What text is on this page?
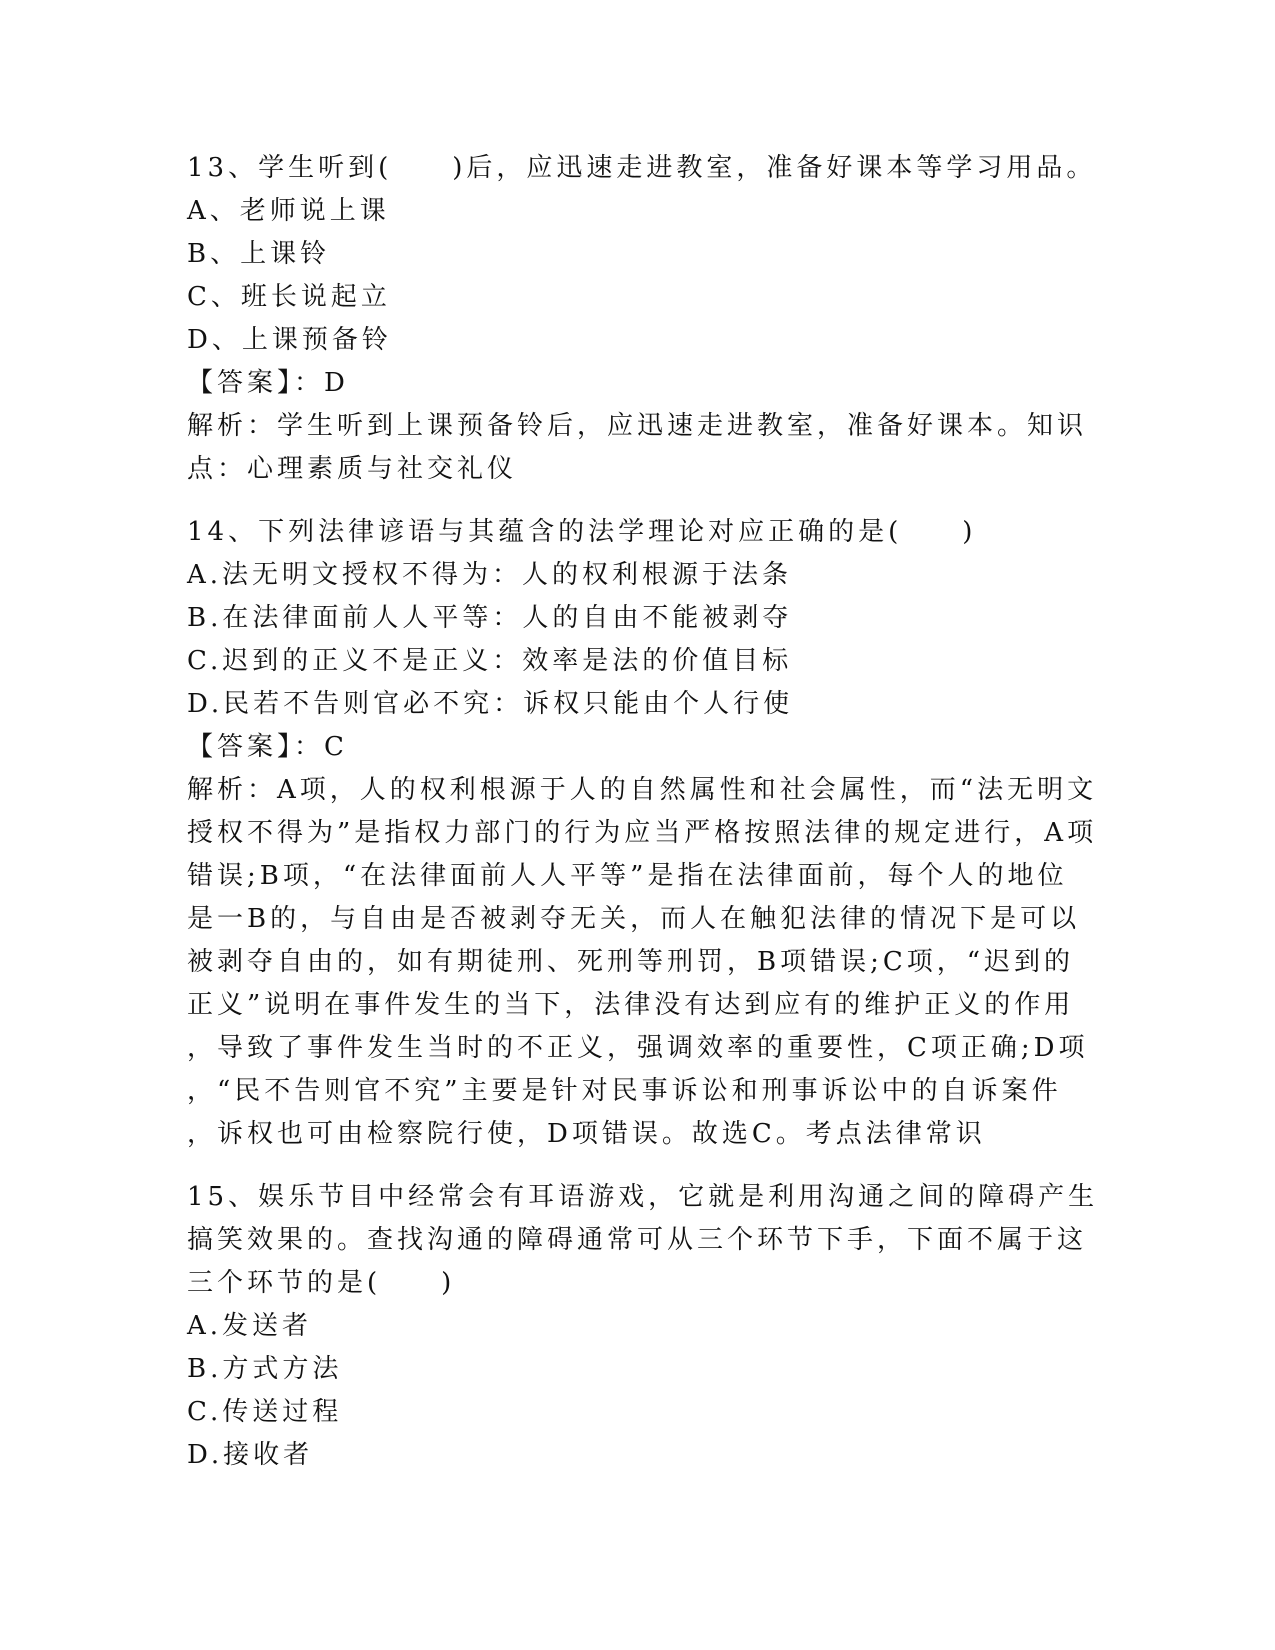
13、学生听到(　　)后，应迅速走进教室，准备好课本等学习用品。
A、老师说上课
B、上课铃
C、班长说起立
D、上课预备铃
【答案】：D
解析：学生听到上课预备铃后，应迅速走进教室，准备好课本。知识
点：心理素质与社交礼仪
14、下列法律谚语与其蕴含的法学理论对应正确的是(　　)
A.法无明文授权不得为：人的权利根源于法条
B.在法律面前人人平等：人的自由不能被剥夺
C.迟到的正义不是正义：效率是法的价值目标
D.民若不告则官必不究：诉权只能由个人行使
【答案】：C
解析：A项，人的权利根源于人的自然属性和社会属性，而“法无明文
授权不得为”是指权力部门的行为应当严格按照法律的规定进行，A项
错误;B项，“在法律面前人人平等”是指在法律面前，每个人的地位
是一B的，与自由是否被剥夺无关，而人在触犯法律的情况下是可以
被剥夺自由的，如有期徒刑、死刑等刑罚，B项错误;C项，“迟到的
正义”说明在事件发生的当下，法律没有达到应有的维护正义的作用
，导致了事件发生当时的不正义，强调效率的重要性，C项正确;D项
，“民不告则官不究”主要是针对民事诉讼和刑事诉讼中的自诉案件
，诉权也可由检察院行使，D项错误。故选C。考点法律常识
15、娱乐节目中经常会有耳语游戏，它就是利用沟通之间的障碍产生
搞笑效果的。查找沟通的障碍通常可从三个环节下手，下面不属于这
三个环节的是(　　)
A.发送者
B.方式方法
C.传送过程
D.接收者
